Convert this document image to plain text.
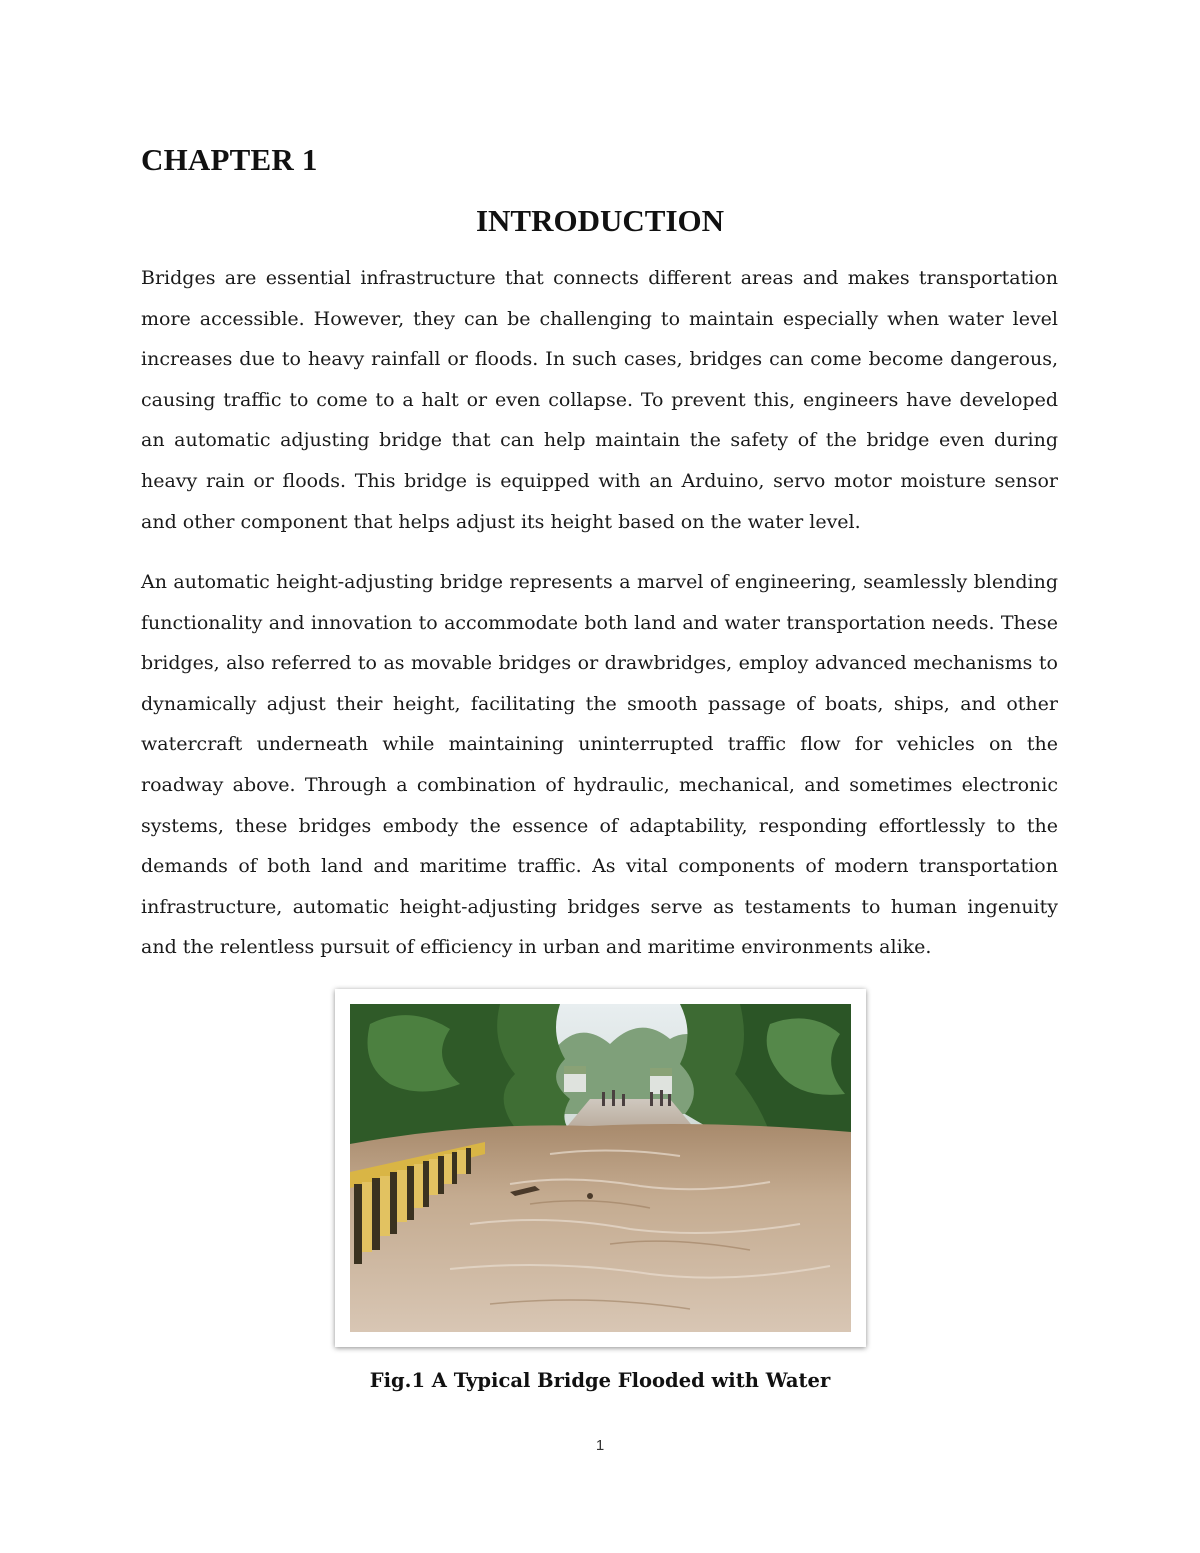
CHAPTER 1
INTRODUCTION

Bridges are essential infrastructure that connects different areas and makes transportation more accessible. However, they can be challenging to maintain especially when water level increases due to heavy rainfall or floods. In such cases, bridges can come become dangerous, causing traffic to come to a halt or even collapse. To prevent this, engineers have developed an automatic adjusting bridge that can help maintain the safety of the bridge even during heavy rain or floods. This bridge is equipped with an Arduino, servo motor moisture sensor and other component that helps adjust its height based on the water level.

An automatic height-adjusting bridge represents a marvel of engineering, seamlessly blending functionality and innovation to accommodate both land and water transportation needs. These bridges, also referred to as movable bridges or drawbridges, employ advanced mechanisms to dynamically adjust their height, facilitating the smooth passage of boats, ships, and other watercraft underneath while maintaining uninterrupted traffic flow for vehicles on the roadway above. Through a combination of hydraulic, mechanical, and sometimes electronic systems, these bridges embody the essence of adaptability, responding effortlessly to the demands of both land and maritime traffic. As vital components of modern transportation infrastructure, automatic height-adjusting bridges serve as testaments to human ingenuity and the relentless pursuit of efficiency in urban and maritime environments alike.

Fig.1 A Typical Bridge Flooded with Water
1
